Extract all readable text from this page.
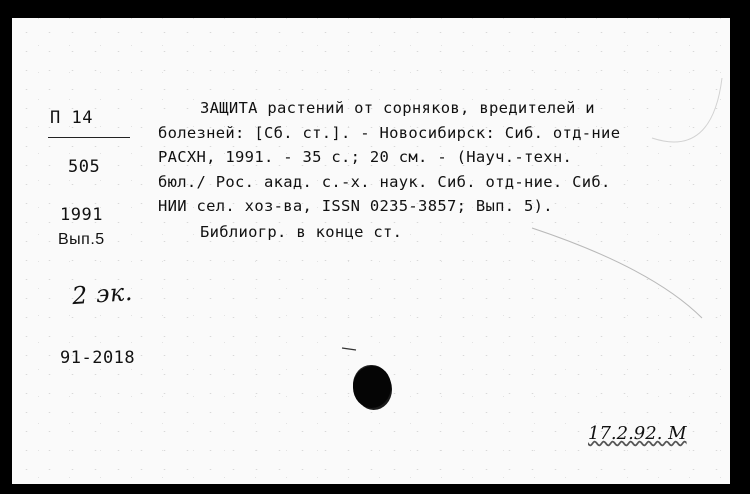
П 14
505
1991
Вып.5
2 эк.
91-2018
ЗАЩИТА растений от сорняков, вредителей и
болезней: [Сб. ст.]. - Новосибирск: Сиб. отд-ние
РАСХН, 1991. - 35 с.; 20 см. - (Науч.-техн.
бюл./ Рос. акад. с.-х. наук. Сиб. отд-ние. Сиб.
НИИ сел. хоз-ва, ISSN 0235-3857; Вып. 5).
Библиогр. в конце ст.
17.2.92. М
